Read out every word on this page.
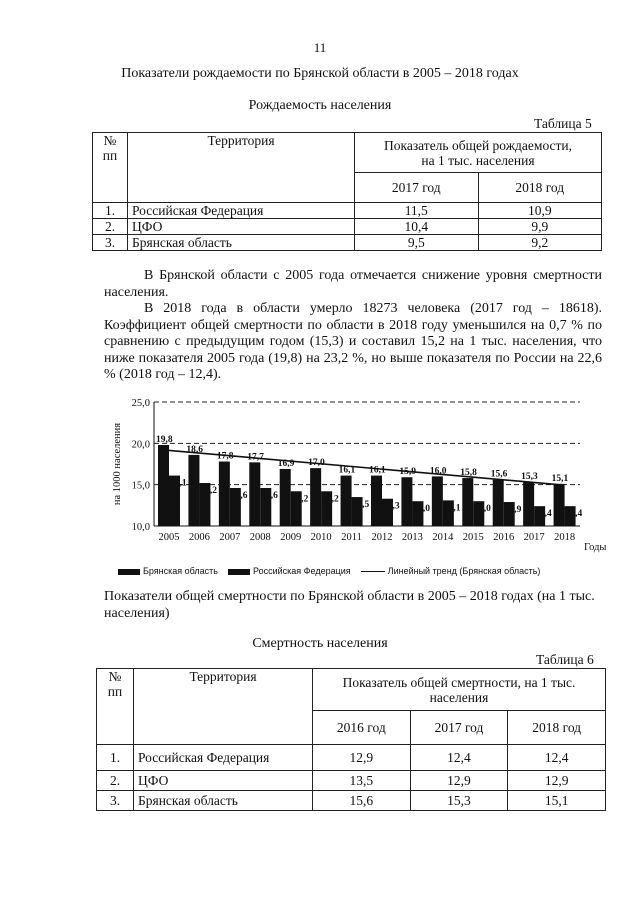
11
Показатели рождаемости по Брянской области в 2005 – 2018 годах
Рождаемость населения
Таблица 5
№
пп	Территория	Показатель общей рождаемости,
на 1 тыс. населения	
		2017 год	2018 год
1.	Российская Федерация	11,5	10,9
2.	ЦФО	10,4	9,9
3.	Брянская область	9,5	9,2

В Брянской области с 2005 года отмечается снижение уровня смертности населения.

В 2018 года в области умерло 18273 человека (2017 год – 18618). Коэффициент общей смертности по области в 2018 году уменьшился на 0,7 % по сравнению с предыдущим годом (15,3) и составил 15,2 на 1 тыс. населения, что ниже показателя 2005 года (19,8) на 23,2 %, но выше показателя по России на 22,6 % (2018 год – 12,4).

10,0
15,0
20,0
25,0
на 1000 населения
Годы
19,8
16,1
2005
18,6
15,2
2006
17,8
14,6
2007
17,7
14,6
2008
16,9
14,2
2009
17,0
14,2
2010
16,1
13,5
2011
16,1
13,3
2012
15,9
13,0
2013
16,0
13,1
2014
15,8
13,0
2015
15,6
12,9
2016
15,3
12,4
2017
15,1
12,4
2018
Брянская область	Российская Федерация	Линейный тренд (Брянская область)
Показатели общей смертности по Брянской области в 2005 – 2018 годах (на 1 тыс. населения)
Смертность населения
Таблица 6
№
пп	Территория	Показатель общей смертности, на 1 тыс.
населения		
		2016 год	2017 год	2018 год
1.	Российская Федерация	12,9	12,4	12,4
2.	ЦФО	13,5	12,9	12,9
3.	Брянская область	15,6	15,3	15,1
